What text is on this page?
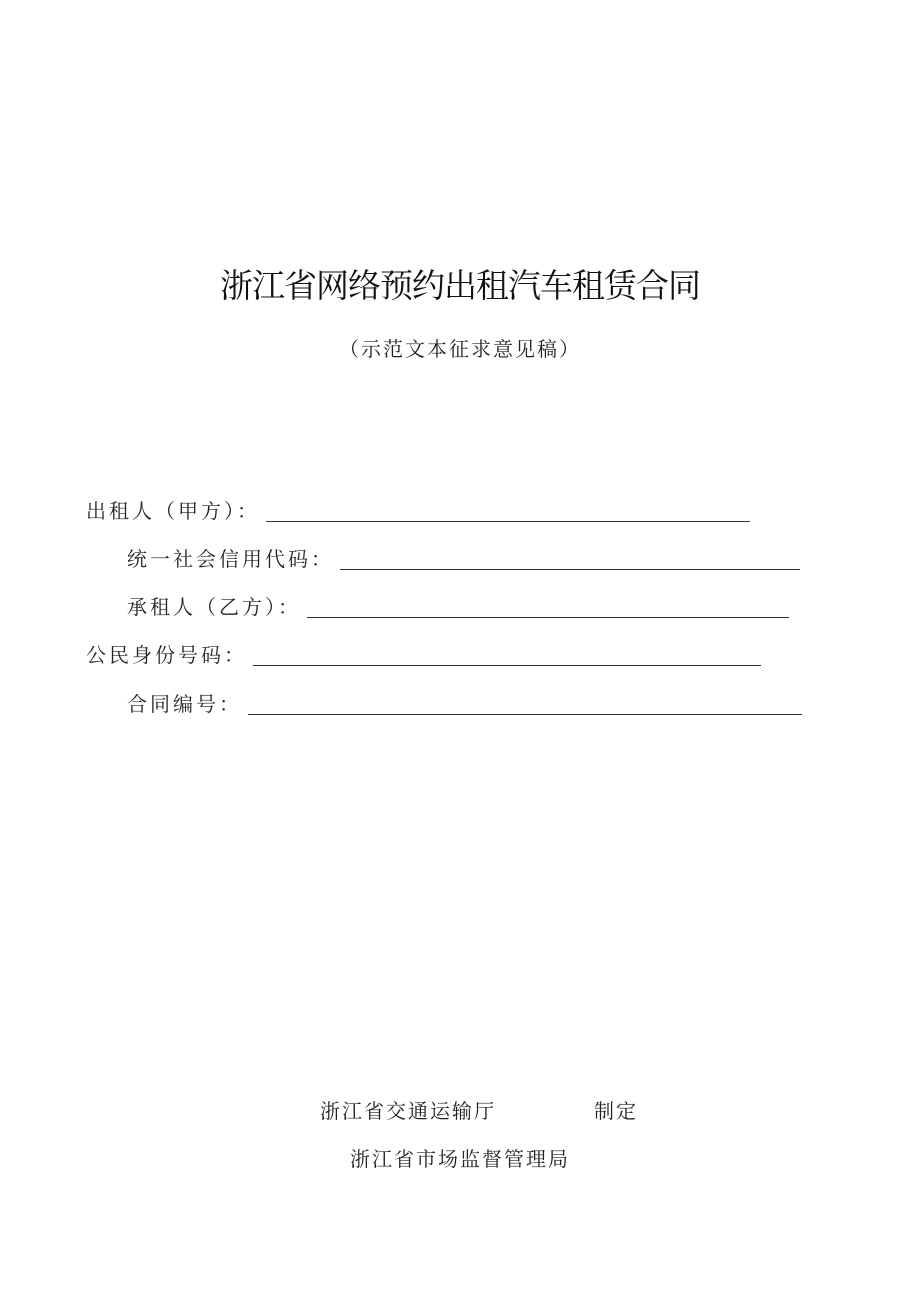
浙江省网络预约出租汽车租赁合同
（示范文本征求意见稿）
出租人（甲方）：
统一社会信用代码：
承租人（乙方）：
公民身份号码：
合同编号：
浙江省交通运输厅	制定
浙江省市场监督管理局
